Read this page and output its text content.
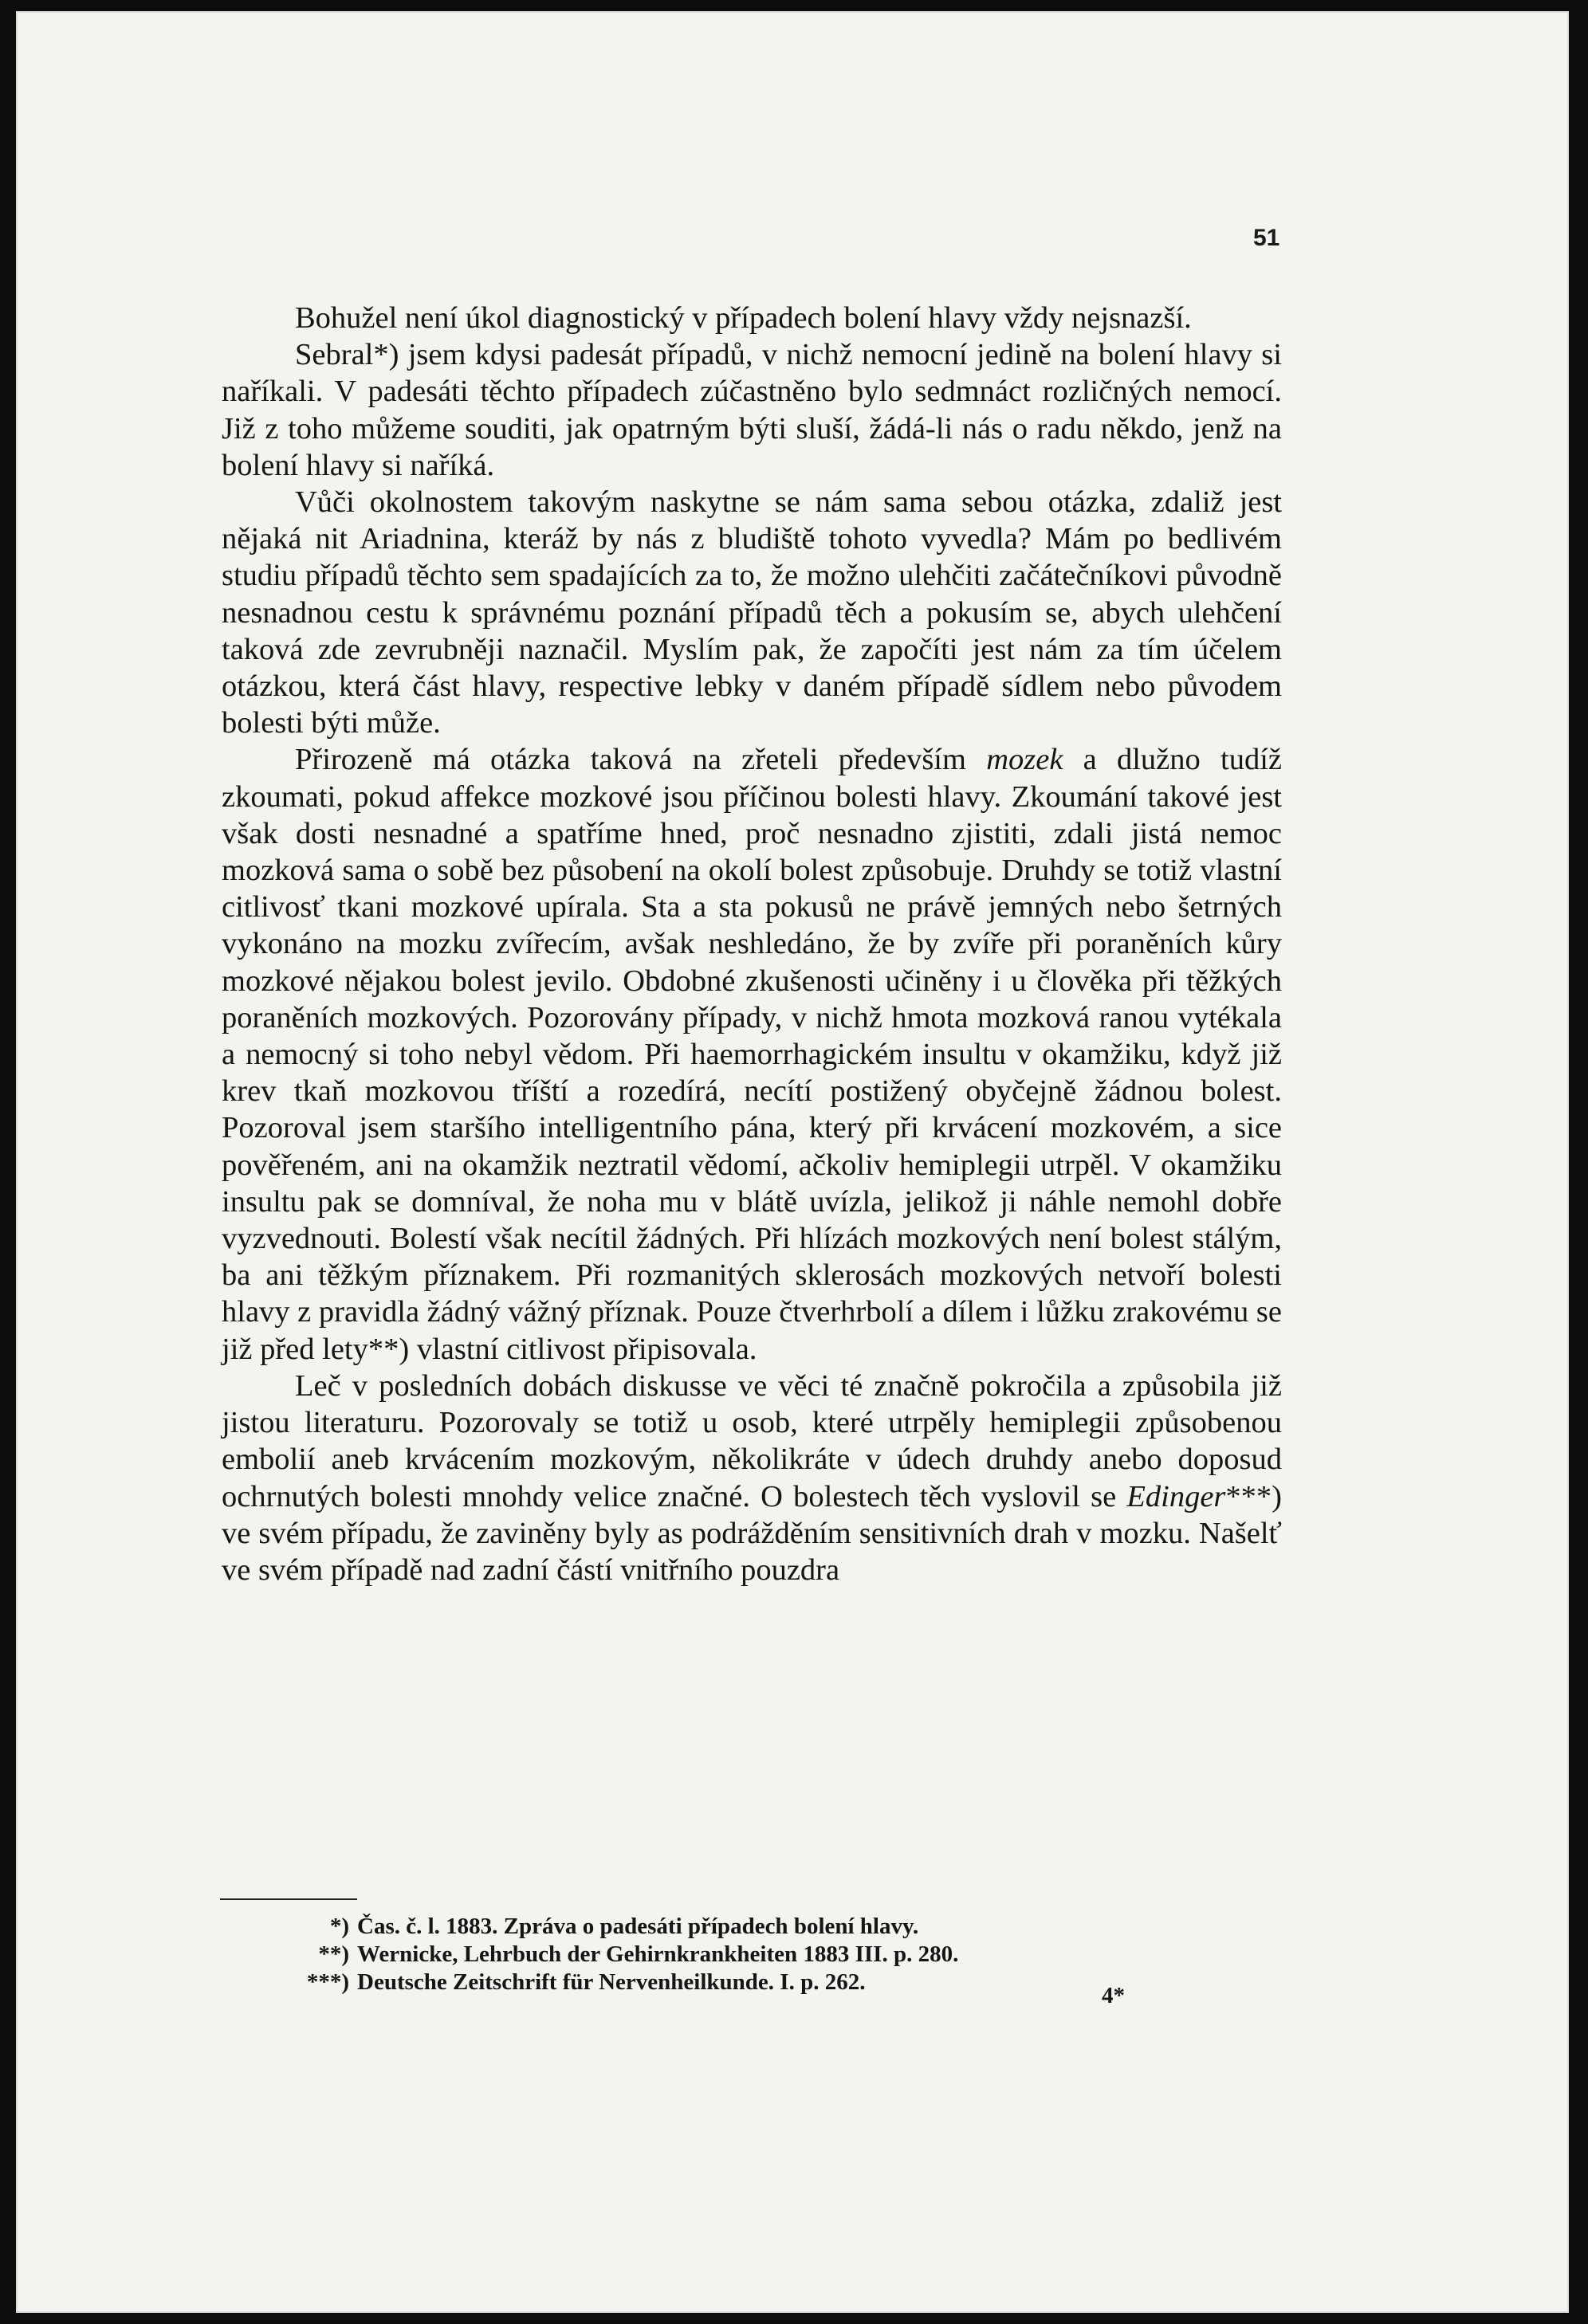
51

Bohužel není úkol diagnostický v případech bolení hlavy vždy nejsnazší.

Sebral*) jsem kdysi padesát případů, v nichž nemocní jedině na bolení hlavy si naříkali. V padesáti těchto případech zúčastněno bylo sedmnáct rozličných nemocí. Již z toho můžeme souditi, jak opatrným býti sluší, žádá-li nás o radu někdo, jenž na bolení hlavy si naříká.

Vůči okolnostem takovým naskytne se nám sama sebou otázka, zdaliž jest nějaká nit Ariadnina, kteráž by nás z bludiště tohoto vyvedla? Mám po bedlivém studiu případů těchto sem spadajících za to, že možno ulehčiti začátečníkovi původně nesnadnou cestu k správnému poznání případů těch a pokusím se, abych ulehčení taková zde zevrubněji naznačil. Myslím pak, že započíti jest nám za tím účelem otázkou, která část hlavy, respective lebky v daném případě sídlem nebo původem bolesti býti může.

Přirozeně má otázka taková na zřeteli především mozek a dlužno tudíž zkoumati, pokud affekce mozkové jsou příčinou bolesti hlavy. Zkoumání takové jest však dosti nesnadné a spatříme hned, proč nesnadno zjistiti, zdali jistá nemoc mozková sama o sobě bez působení na okolí bolest způsobuje. Druhdy se totiž vlastní citlivosť tkani mozkové upírala. Sta a sta pokusů ne právě jemných nebo šetrných vykonáno na mozku zvířecím, avšak neshledáno, že by zvíře při poraněních kůry mozkové nějakou bolest jevilo. Obdobné zkušenosti učiněny i u člověka při těžkých poraněních mozkových. Pozorovány případy, v nichž hmota mozková ranou vytékala a nemocný si toho nebyl vědom. Při haemorrhagickém insultu v okamžiku, když již krev tkaň mozkovou tříští a rozedírá, necítí postižený obyčejně žádnou bolest. Pozoroval jsem staršího intelligentního pána, který při krvácení mozkovém, a sice pověřeném, ani na okamžik neztratil vědomí, ačkoliv hemiplegii utrpěl. V okamžiku insultu pak se domníval, že noha mu v blátě uvízla, jelikož ji náhle nemohl dobře vyzvednouti. Bolestí však necítil žádných. Při hlízách mozkových není bolest stálým, ba ani těžkým příznakem. Při rozmanitých sklerosách mozkových netvoří bolesti hlavy z pravidla žádný vážný příznak. Pouze čtverhrbolí a dílem i lůžku zrakovému se již před lety**) vlastní citlivost připisovala.

Leč v posledních dobách diskusse ve věci té značně pokročila a způsobila již jistou literaturu. Pozorovaly se totiž u osob, které utrpěly hemiplegii způsobenou embolií aneb krvácením mozkovým, několikráte v údech druhdy anebo doposud ochrnutých bolesti mnohdy velice značné. O bolestech těch vyslovil se Edinger***) ve svém případu, že zaviněny byly as podrážděním sensitivních drah v mozku. Našelť ve svém případě nad zadní částí vnitřního pouzdra

*) Čas. č. l. 1883. Zpráva o padesáti případech bolení hlavy.
**) Wernicke, Lehrbuch der Gehirnkrankheiten 1883 III. p. 280.
***) Deutsche Zeitschrift für Nervenheilkunde. I. p. 262.
4*
